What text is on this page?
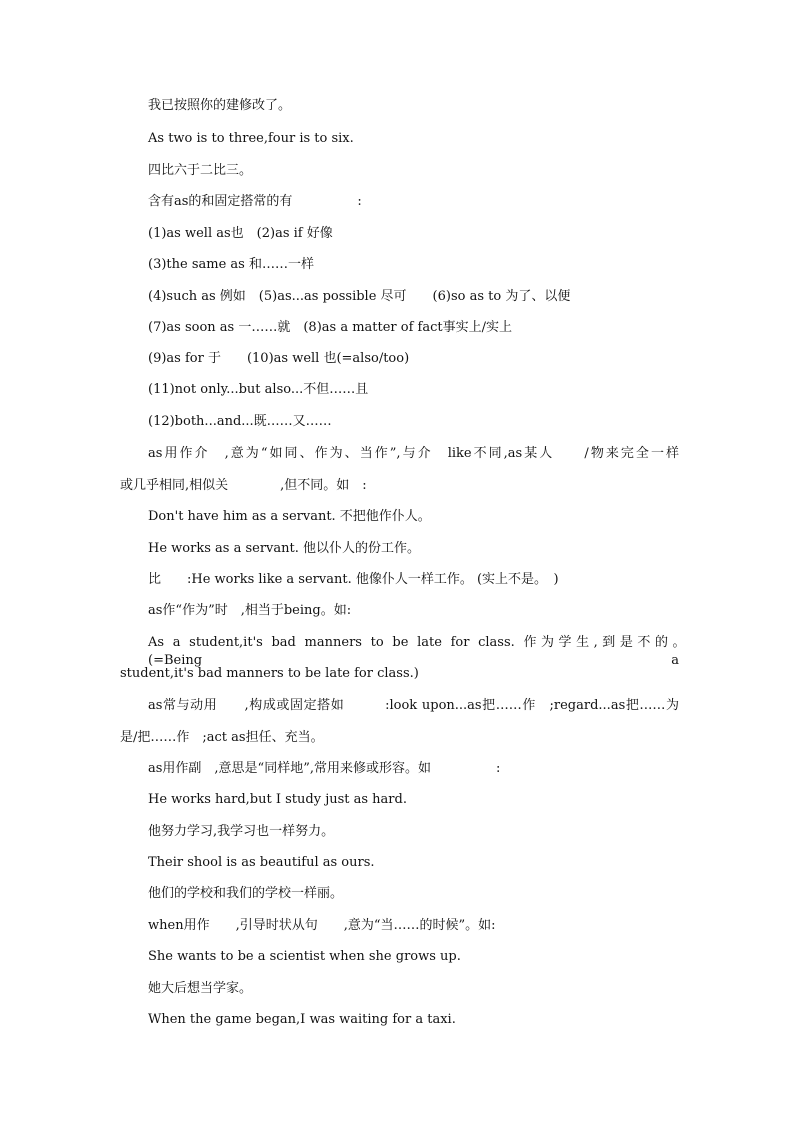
我已按照你的建修改了。

As two is to three,four is to six.

四比六于二比三。

含有as的和固定搭常的有　　　　　:

(1)as well as也　(2)as if 好像

(3)the same as 和……一样

(4)such as 例如　(5)as...as possible 尽可　　(6)so as to 为了、以便

(7)as soon as 一……就　(8)as a matter of fact事实上/实上

(9)as for 于　　(10)as well 也(=also/too)

(11)not only...but also...不但……且

(12)both...and...既……又……

as用作介　,意为“如同、作为、当作”,与介　like不同,as某人　　/物来完全一样

或几乎相同,相似关　　　　,但不同。如　:

Don't have him as a servant. 不把他作仆人。

He works as a servant. 他以仆人的份工作。

比　　:He works like a servant. 他像仆人一样工作。 (实上不是。　)

as作“作为”时　,相当于being。如:

As a student,it's bad manners to be late for class. 作为学生,到是不的。　　　(=Being a

student,it's bad manners to be late for class.)

as常与动用　　,构成或固定搭如　　　:look upon...as把……作　;regard...as把……为

是/把……作　;act as担任、充当。

as用作副　,意思是“同样地”,常用来修或形容。如　　　　　:

He works hard,but I study just as hard.

他努力学习,我学习也一样努力。

Their shool is as beautiful as ours.

他们的学校和我们的学校一样丽。

when用作　　,引导时状从句　　,意为“当……的时候”。如:

She wants to be a scientist when she grows up.

她大后想当学家。

When the game began,I was waiting for a taxi.
